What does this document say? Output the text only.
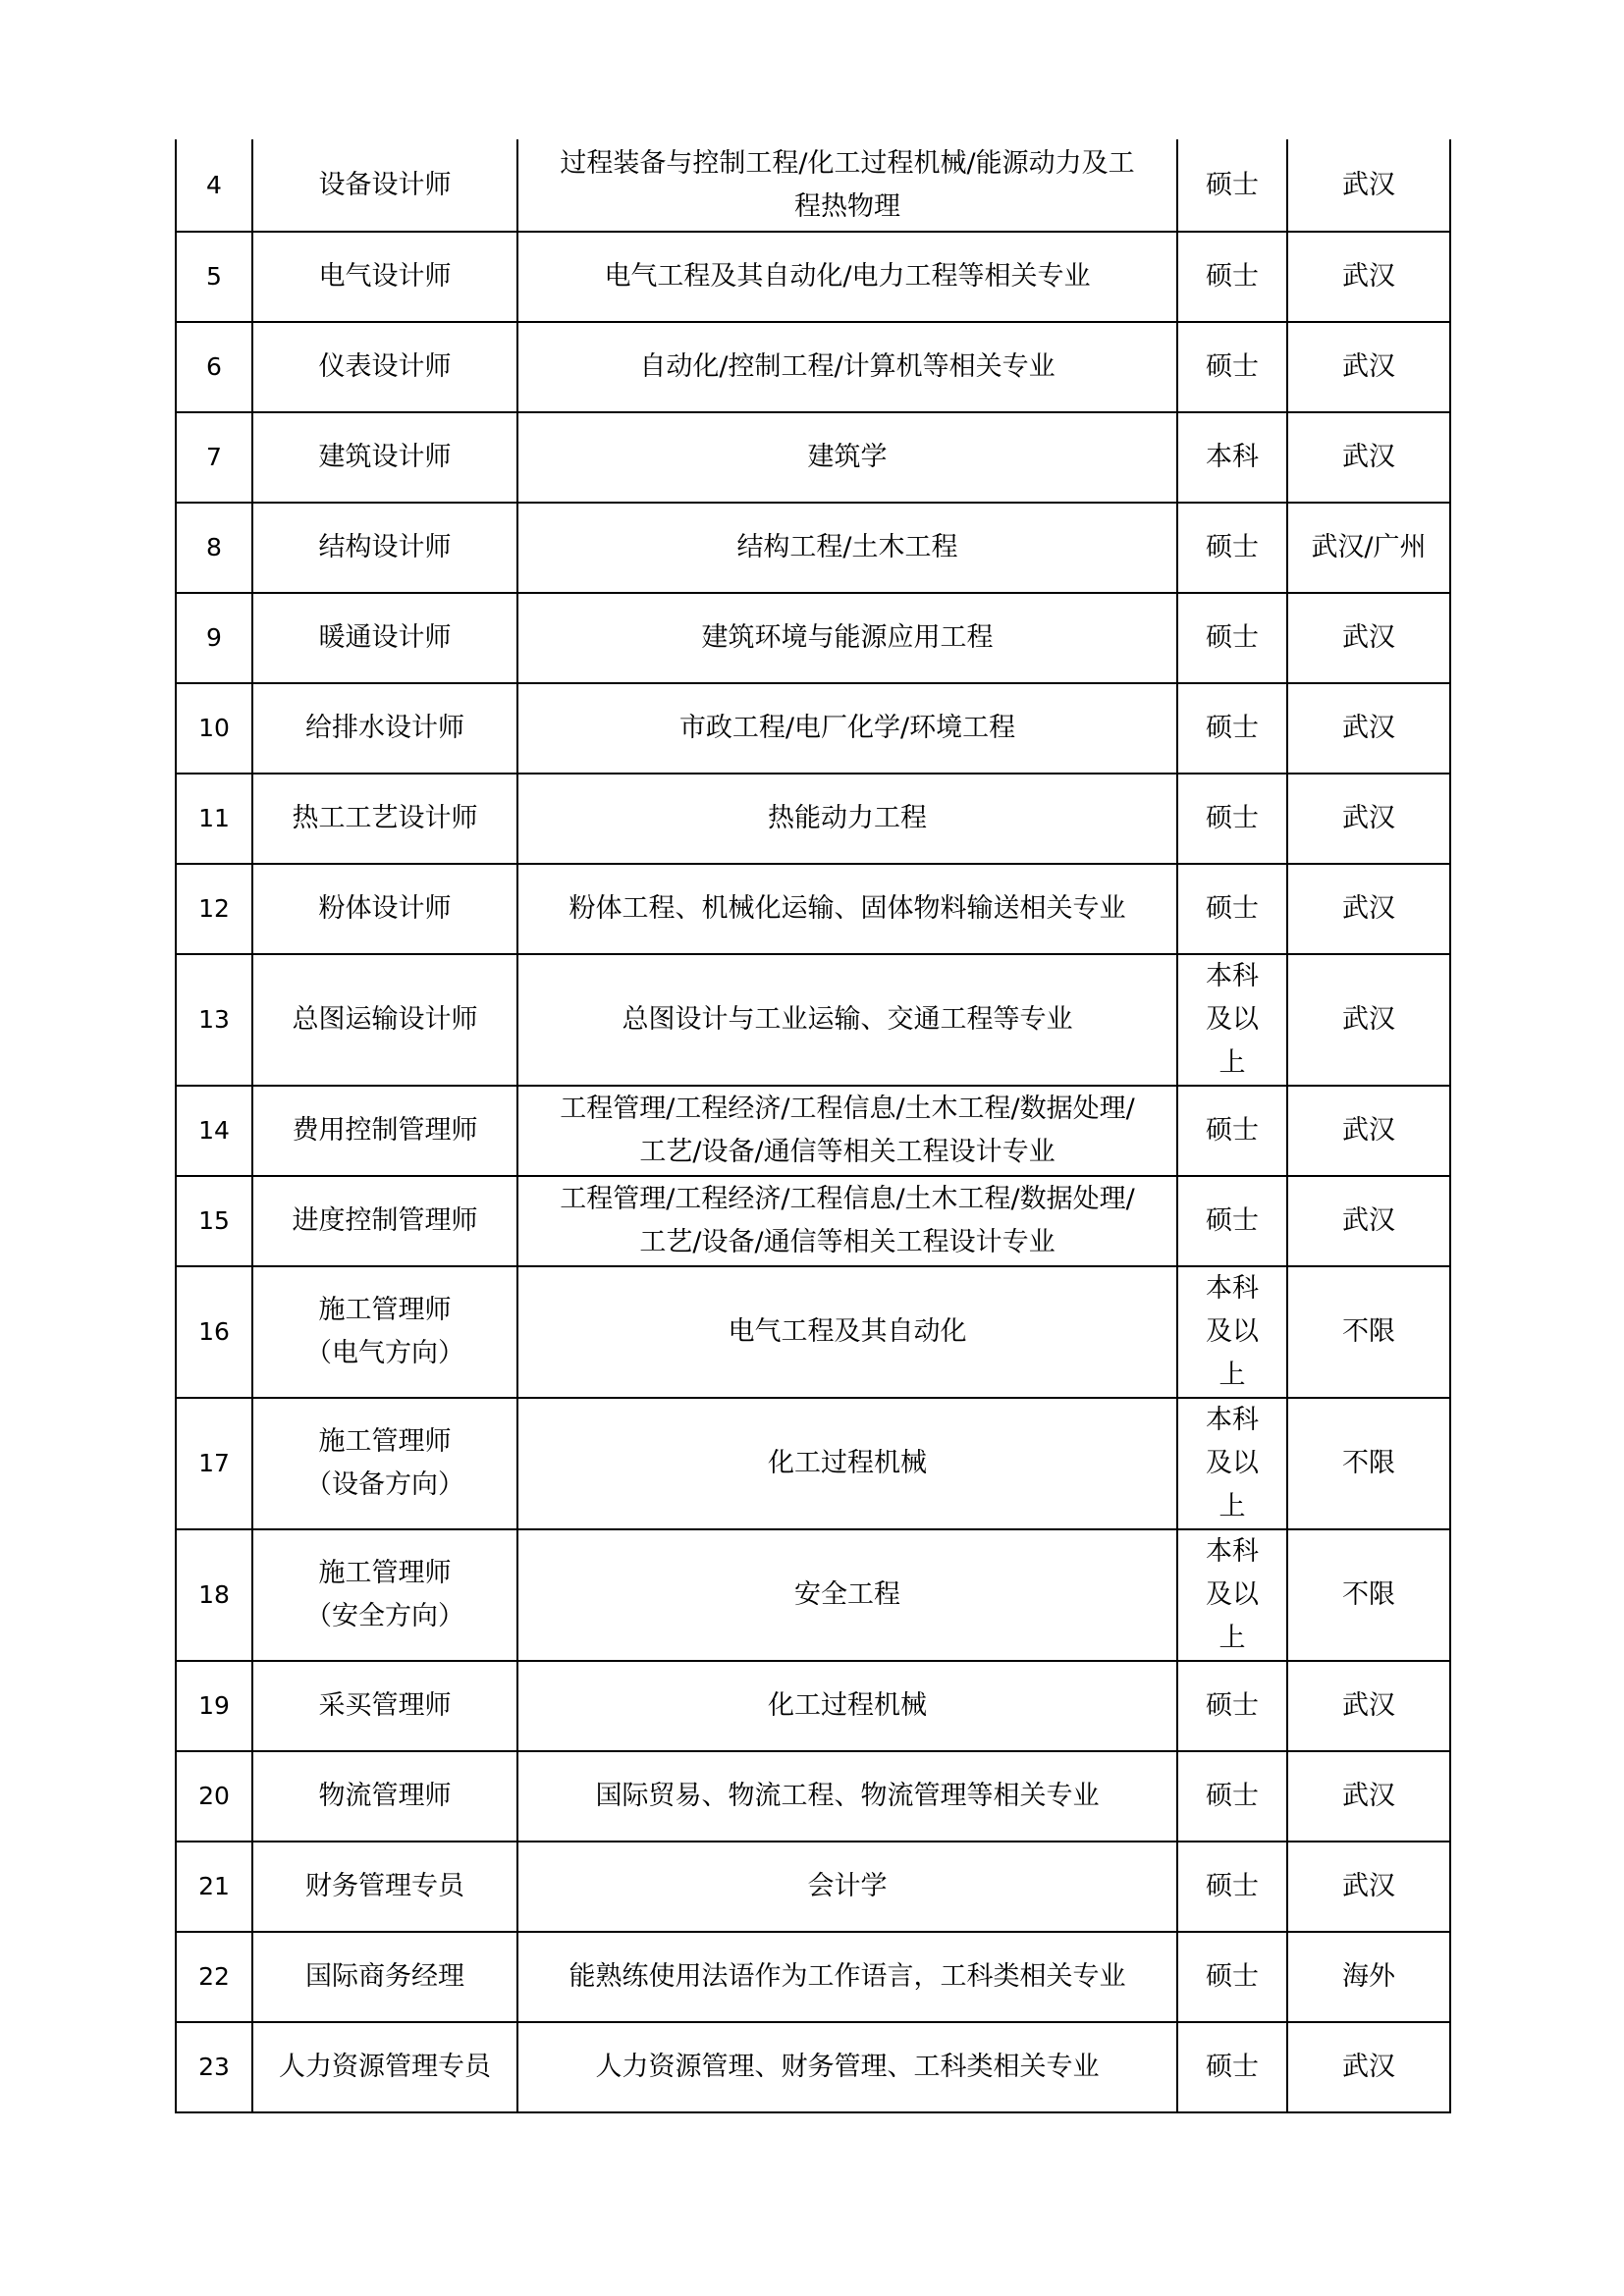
4	设备设计师	过程装备与控制工程/化工过程机械/能源动力及工
程热物理	硕士	武汉
5	电气设计师	电气工程及其自动化/电力工程等相关专业	硕士	武汉
6	仪表设计师	自动化/控制工程/计算机等相关专业	硕士	武汉
7	建筑设计师	建筑学	本科	武汉
8	结构设计师	结构工程/土木工程	硕士	武汉/广州
9	暖通设计师	建筑环境与能源应用工程	硕士	武汉
10	给排水设计师	市政工程/电厂化学/环境工程	硕士	武汉
11	热工工艺设计师	热能动力工程	硕士	武汉
12	粉体设计师	粉体工程、机械化运输、固体物料输送相关专业	硕士	武汉
13	总图运输设计师	总图设计与工业运输、交通工程等专业	本科
及以
上	武汉
14	费用控制管理师	工程管理/工程经济/工程信息/土木工程/数据处理/
工艺/设备/通信等相关工程设计专业	硕士	武汉
15	进度控制管理师	工程管理/工程经济/工程信息/土木工程/数据处理/
工艺/设备/通信等相关工程设计专业	硕士	武汉
16	施工管理师
（电气方向）	电气工程及其自动化	本科
及以
上	不限
17	施工管理师
（设备方向）	化工过程机械	本科
及以
上	不限
18	施工管理师
（安全方向）	安全工程	本科
及以
上	不限
19	采买管理师	化工过程机械	硕士	武汉
20	物流管理师	国际贸易、物流工程、物流管理等相关专业	硕士	武汉
21	财务管理专员	会计学	硕士	武汉
22	国际商务经理	能熟练使用法语作为工作语言，工科类相关专业	硕士	海外
23	人力资源管理专员	人力资源管理、财务管理、工科类相关专业	硕士	武汉
